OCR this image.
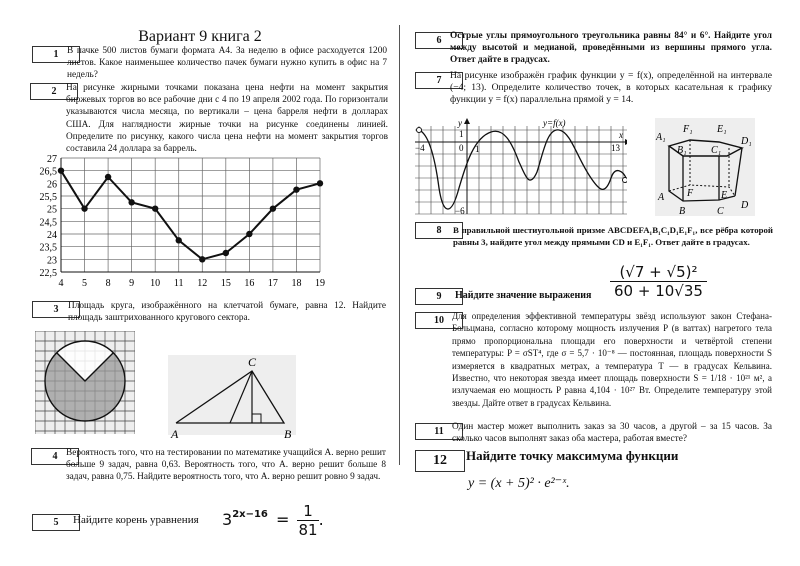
Вариант 9 книга 2
1 В пачке 500 листов бумаги формата А4. За неделю в офисе расходуется 1200 листов. Какое наименьшее количество пачек бумаги нужно купить в офис на 7 недель?
2	На рисунке жирными точками показана цена нефти на момент закрытия биржевых торгов во все рабочие дни с 4 по 19 апреля 2002 года. По горизонтали указываются числа месяца, по вертикали – цена барреля нефти в долларах США. Для наглядности жирные точки на рисунке соединены линией. Определите по рисунку, какого числа цена нефти на момент закрытия торгов составила 24 доллара за баррель.
22,5
23
23,5
24
24,5
25
25,5
26
26,5
27
4 5 8 9 10 11 12 15 16 17 18 19
3	Площадь круга, изображённого на клетчатой бумаге, равна 12. Найдите площадь заштрихованного кругового сектора.
A	B
C
4 Вероятность того, что на тестировании по математике учащийся А. верно решит больше 9 задач, равна 0,63. Вероятность того, что А. верно решит больше 8 задач, равна 0,75. Найдите вероятность того, что А. верно решит ровно 9 задач.
5	Найдите корень уравнения $3^{2x-16} = \frac{1}{81}$ .
6 Острые углы прямоугольного треугольника равны 84° и 6°. Найдите угол между высотой и медианой, проведёнными из вершины прямого угла. Ответ дайте в градусах.
7 На рисунке изображён график функции y = f(x), определённой на интервале (−4; 13). Определите количество точек, в которых касательная к графику функции y = f(x) параллельна прямой y = 14.
−4	0 1	13
x
y
1
−6
y=f(x)
A₁
F₁ E₁
D₁
B₁ C₁
A
B	C
D
E
F
8	В правильной шестиугольной призме ABCDEFA₁B₁C₁D₁E₁F₁, все рёбра которой равны 3, найдите угол между прямыми CD и E₁F₁. Ответ дайте в градусах.
9	Найдите значение выражения $\frac{\text{(√7 + √5)²}}{60 + 10√35}$
10 Для определения эффективной температуры звёзд используют закон Стефана-Больцмана, согласно которому мощность излучения P (в ваттах) нагретого тела прямо пропорциональна площади его поверхности и четвёртой степени температуры: P = σST⁴, где σ = 5,7 · 10⁻⁸ — постоянная, площадь поверхности S измеряется в квадратных метрах, а температура T — в градусах Кельвина. Известно, что некоторая звезда имеет площадь поверхности S = 1/18 · 10²¹ м², а излучаемая ею мощность P равна 4,104 · 10²⁷ Вт. Определите температуру этой звезды. Дайте ответ в градусах Кельвина.
11 Один мастер может выполнить заказ за 30 часов, а другой – за 15 часов. За сколько часов выполнят заказ оба мастера, работая вместе?
12	Найдите точку максимума функции
y = (x + 5)² · e²⁻ˣ.
